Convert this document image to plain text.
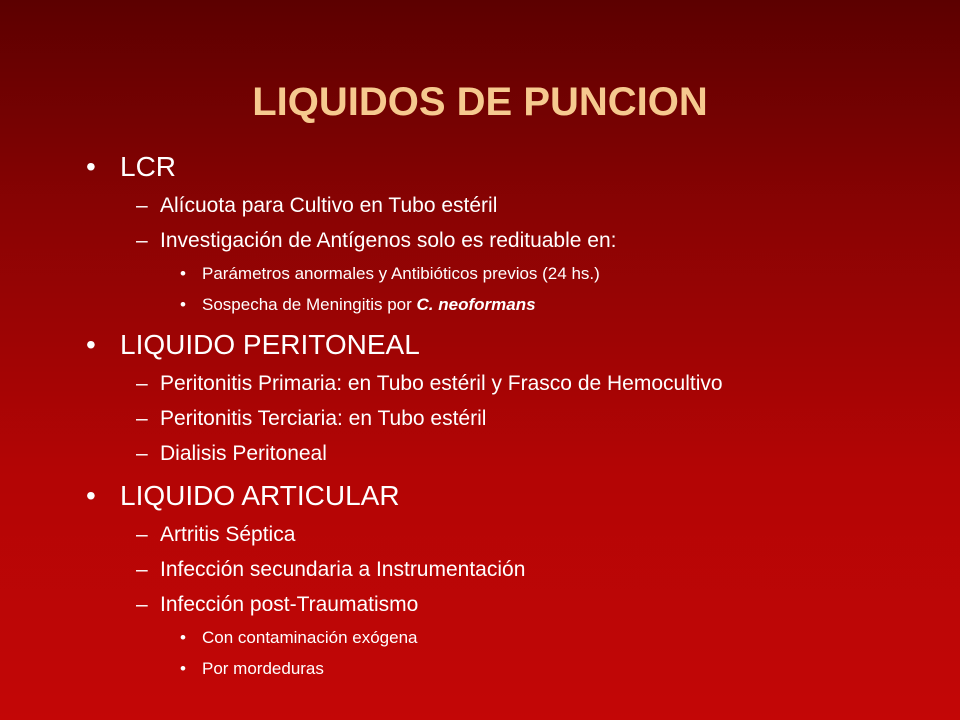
LIQUIDOS DE PUNCION
• LCR
– Alícuota para Cultivo en Tubo estéril
– Investigación de Antígenos solo es redituable en:
• Parámetros anormales y Antibióticos previos (24 hs.)
• Sospecha de Meningitis por C. neoformans
• LIQUIDO PERITONEAL
– Peritonitis Primaria: en Tubo estéril y Frasco de Hemocultivo
– Peritonitis Terciaria: en Tubo estéril
– Dialisis Peritoneal
• LIQUIDO ARTICULAR
– Artritis Séptica
– Infección secundaria a Instrumentación
– Infección post-Traumatismo
• Con contaminación exógena
• Por mordeduras
